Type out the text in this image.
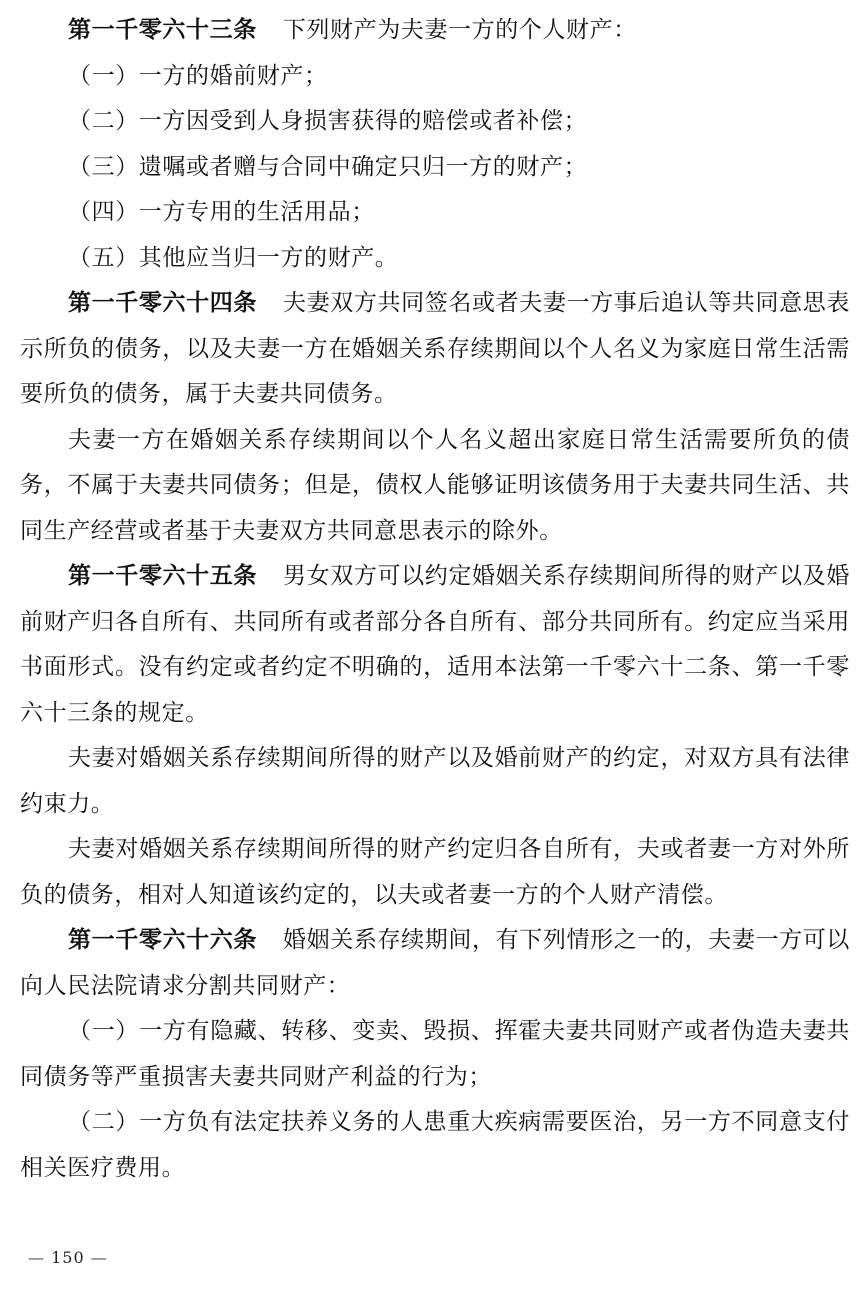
第一千零六十三条 下列财产为夫妻一方的个人财产：

（一）一方的婚前财产；

（二）一方因受到人身损害获得的赔偿或者补偿；

（三）遗嘱或者赠与合同中确定只归一方的财产；

（四）一方专用的生活用品；

（五）其他应当归一方的财产。

第一千零六十四条 夫妻双方共同签名或者夫妻一方事后追认等共同意思表示所负的债务，以及夫妻一方在婚姻关系存续期间以个人名义为家庭日常生活需要所负的债务，属于夫妻共同债务。

夫妻一方在婚姻关系存续期间以个人名义超出家庭日常生活需要所负的债务，不属于夫妻共同债务；但是，债权人能够证明该债务用于夫妻共同生活、共同生产经营或者基于夫妻双方共同意思表示的除外。

第一千零六十五条 男女双方可以约定婚姻关系存续期间所得的财产以及婚前财产归各自所有、共同所有或者部分各自所有、部分共同所有。约定应当采用书面形式。没有约定或者约定不明确的，适用本法第一千零六十二条、第一千零六十三条的规定。

夫妻对婚姻关系存续期间所得的财产以及婚前财产的约定，对双方具有法律约束力。

夫妻对婚姻关系存续期间所得的财产约定归各自所有，夫或者妻一方对外所负的债务，相对人知道该约定的，以夫或者妻一方的个人财产清偿。

第一千零六十六条 婚姻关系存续期间，有下列情形之一的，夫妻一方可以向人民法院请求分割共同财产：

（一）一方有隐藏、转移、变卖、毁损、挥霍夫妻共同财产或者伪造夫妻共同债务等严重损害夫妻共同财产利益的行为；

（二）一方负有法定扶养义务的人患重大疾病需要医治，另一方不同意支付相关医疗费用。

— 150 —
